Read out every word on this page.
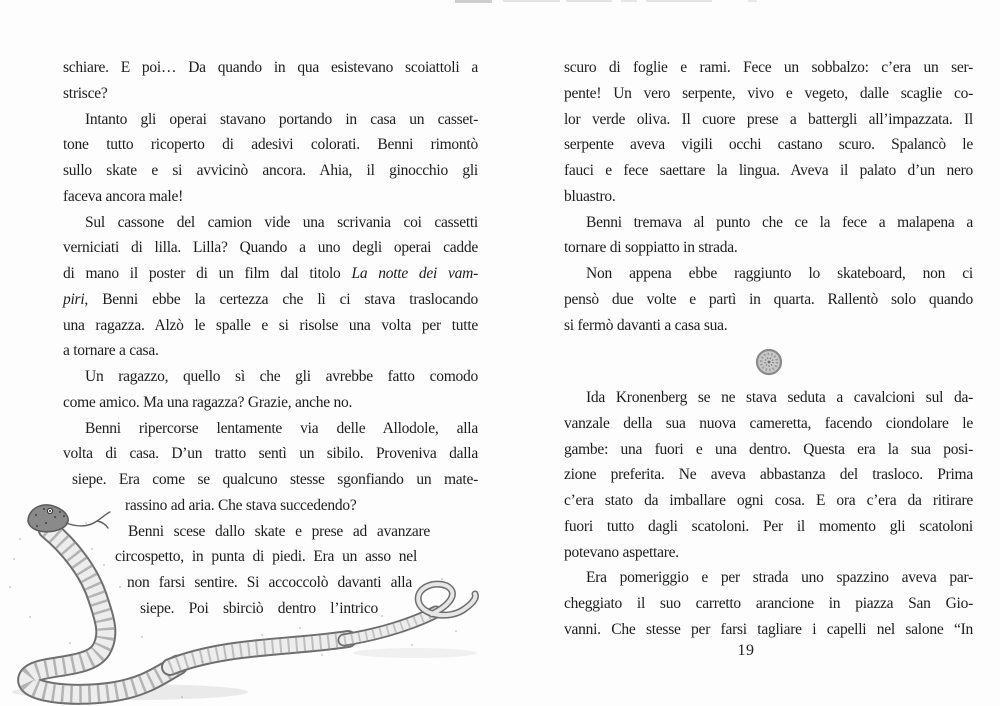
schiare. E poi… Da quando in qua esistevano scoiattoli a
strisce?
Intanto gli operai stavano portando in casa un casset-
tone tutto ricoperto di adesivi colorati. Benni rimontò
sullo skate e si avvicinò ancora. Ahia, il ginocchio gli
faceva ancora male!
Sul cassone del camion vide una scrivania coi cassetti
verniciati di lilla. Lilla? Quando a uno degli operai cadde
di mano il poster di un film dal titolo La notte dei vam-
piri, Benni ebbe la certezza che lì ci stava traslocando
una ragazza. Alzò le spalle e si risolse una volta per tutte
a tornare a casa.
Un ragazzo, quello sì che gli avrebbe fatto comodo
come amico. Ma una ragazza? Grazie, anche no.
Benni ripercorse lentamente via delle Allodole, alla
volta di casa. D’un tratto sentì un sibilo. Proveniva dalla
siepe. Era come se qualcuno stesse sgonfiando un mate-
rassino ad aria. Che stava succedendo?
Benni scese dallo skate e prese ad avanzare
circospetto, in punta di piedi. Era un asso nel
non farsi sentire. Si accoccolò davanti alla
siepe. Poi sbirciò dentro l’intrico
scuro di foglie e rami. Fece un sobbalzo: c’era un ser-
pente! Un vero serpente, vivo e vegeto, dalle scaglie co-
lor verde oliva. Il cuore prese a battergli all’impazzata. Il
serpente aveva vigili occhi castano scuro. Spalancò le
fauci e fece saettare la lingua. Aveva il palato d’un nero
bluastro.
Benni tremava al punto che ce la fece a malapena a
tornare di soppiatto in strada.
Non appena ebbe raggiunto lo skateboard, non ci
pensò due volte e partì in quarta. Rallentò solo quando
si fermò davanti a casa sua.
Ida Kronenberg se ne stava seduta a cavalcioni sul da-
vanzale della sua nuova cameretta, facendo ciondolare le
gambe: una fuori e una dentro. Questa era la sua posi-
zione preferita. Ne aveva abbastanza del trasloco. Prima
c’era stato da imballare ogni cosa. E ora c’era da ritirare
fuori tutto dagli scatoloni. Per il momento gli scatoloni
potevano aspettare.
Era pomeriggio e per strada uno spazzino aveva par-
cheggiato il suo carretto arancione in piazza San Gio-
vanni. Che stesse per farsi tagliare i capelli nel salone “In
19
